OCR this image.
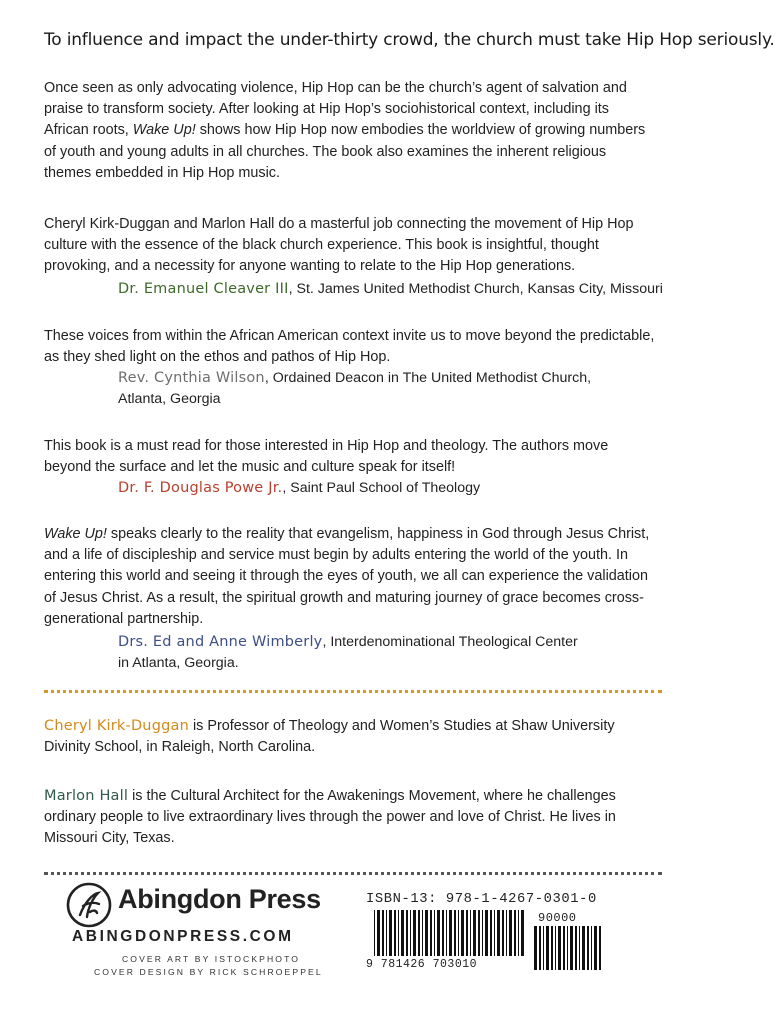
To influence and impact the under-thirty crowd, the church must take Hip Hop seriously.
Once seen as only advocating violence, Hip Hop can be the church’s agent of salvation and praise to transform society. After looking at Hip Hop’s sociohistorical context, including its African roots, Wake Up! shows how Hip Hop now embodies the worldview of growing numbers of youth and young adults in all churches. The book also examines the inherent religious themes embedded in Hip Hop music.
Cheryl Kirk-Duggan and Marlon Hall do a masterful job connecting the movement of Hip Hop culture with the essence of the black church experience. This book is insightful, thought provoking, and a necessity for anyone wanting to relate to the Hip Hop generations.
Dr. Emanuel Cleaver III, St. James United Methodist Church, Kansas City, Missouri
These voices from within the African American context invite us to move beyond the predictable, as they shed light on the ethos and pathos of Hip Hop.
Rev. Cynthia Wilson, Ordained Deacon in The United Methodist Church,
Atlanta, Georgia
This book is a must read for those interested in Hip Hop and theology. The authors move beyond the surface and let the music and culture speak for itself!
Dr. F. Douglas Powe Jr., Saint Paul School of Theology
Wake Up! speaks clearly to the reality that evangelism, happiness in God through Jesus Christ, and a life of discipleship and service must begin by adults entering the world of the youth. In entering this world and seeing it through the eyes of youth, we all can experience the validation of Jesus Christ. As a result, the spiritual growth and maturing journey of grace becomes cross-generational partnership.
Drs. Ed and Anne Wimberly, Interdenominational Theological Center
in Atlanta, Georgia.
Cheryl Kirk-Duggan is Professor of Theology and Women’s Studies at Shaw University Divinity School, in Raleigh, North Carolina.
Marlon Hall is the Cultural Architect for the Awakenings Movement, where he challenges ordinary people to live extraordinary lives through the power and love of Christ. He lives in Missouri City, Texas.
Abingdon Press
ABINGDONPRESS.COM
COVER ART BY ISTOCKPHOTO
COVER DESIGN BY RICK SCHROEPPEL
ISBN-13: 978-1-4267-0301-0
90000
9 781426 703010
